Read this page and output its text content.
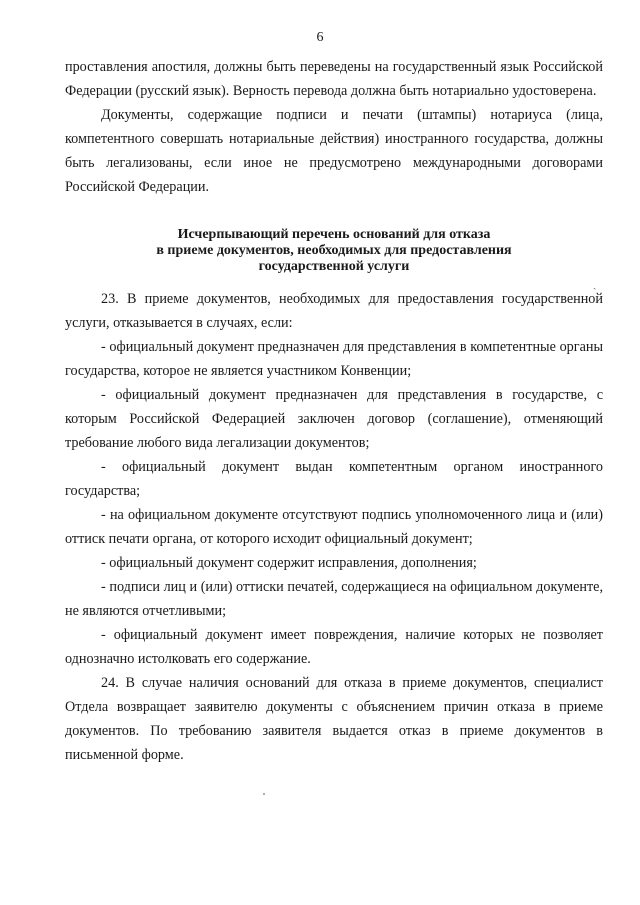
6

проставления апостиля, должны быть переведены на государственный язык Российской Федерации (русский язык). Верность перевода должна быть нотариально удостоверена.

Документы, содержащие подписи и печати (штампы) нотариуса (лица, компетентного совершать нотариальные действия) иностранного государства, должны быть легализованы, если иное не предусмотрено международными договорами Российской Федерации.

Исчерпывающий перечень оснований для отказа
в приеме документов, необходимых для предоставления
государственной услуги

23. В приеме документов, необходимых для предоставления государственной услуги, отказывается в случаях, если:

- официальный документ предназначен для представления в компетентные органы государства, которое не является участником Конвенции;

- официальный документ предназначен для представления в государстве, с которым Российской Федерацией заключен договор (соглашение), отменяющий требование любого вида легализации документов;

- официальный документ выдан компетентным органом иностранного государства;

- на официальном документе отсутствуют подпись уполномоченного лица и (или) оттиск печати органа, от которого исходит официальный документ;

- официальный документ содержит исправления, дополнения;

- подписи лиц и (или) оттиски печатей, содержащиеся на официальном документе, не являются отчетливыми;

- официальный документ имеет повреждения, наличие которых не позволяет однозначно истолковать его содержание.

24. В случае наличия оснований для отказа в приеме документов, специалист Отдела возвращает заявителю документы с объяснением причин отказа в приеме документов. По требованию заявителя выдается отказ в приеме документов в письменной форме.

ˏ
